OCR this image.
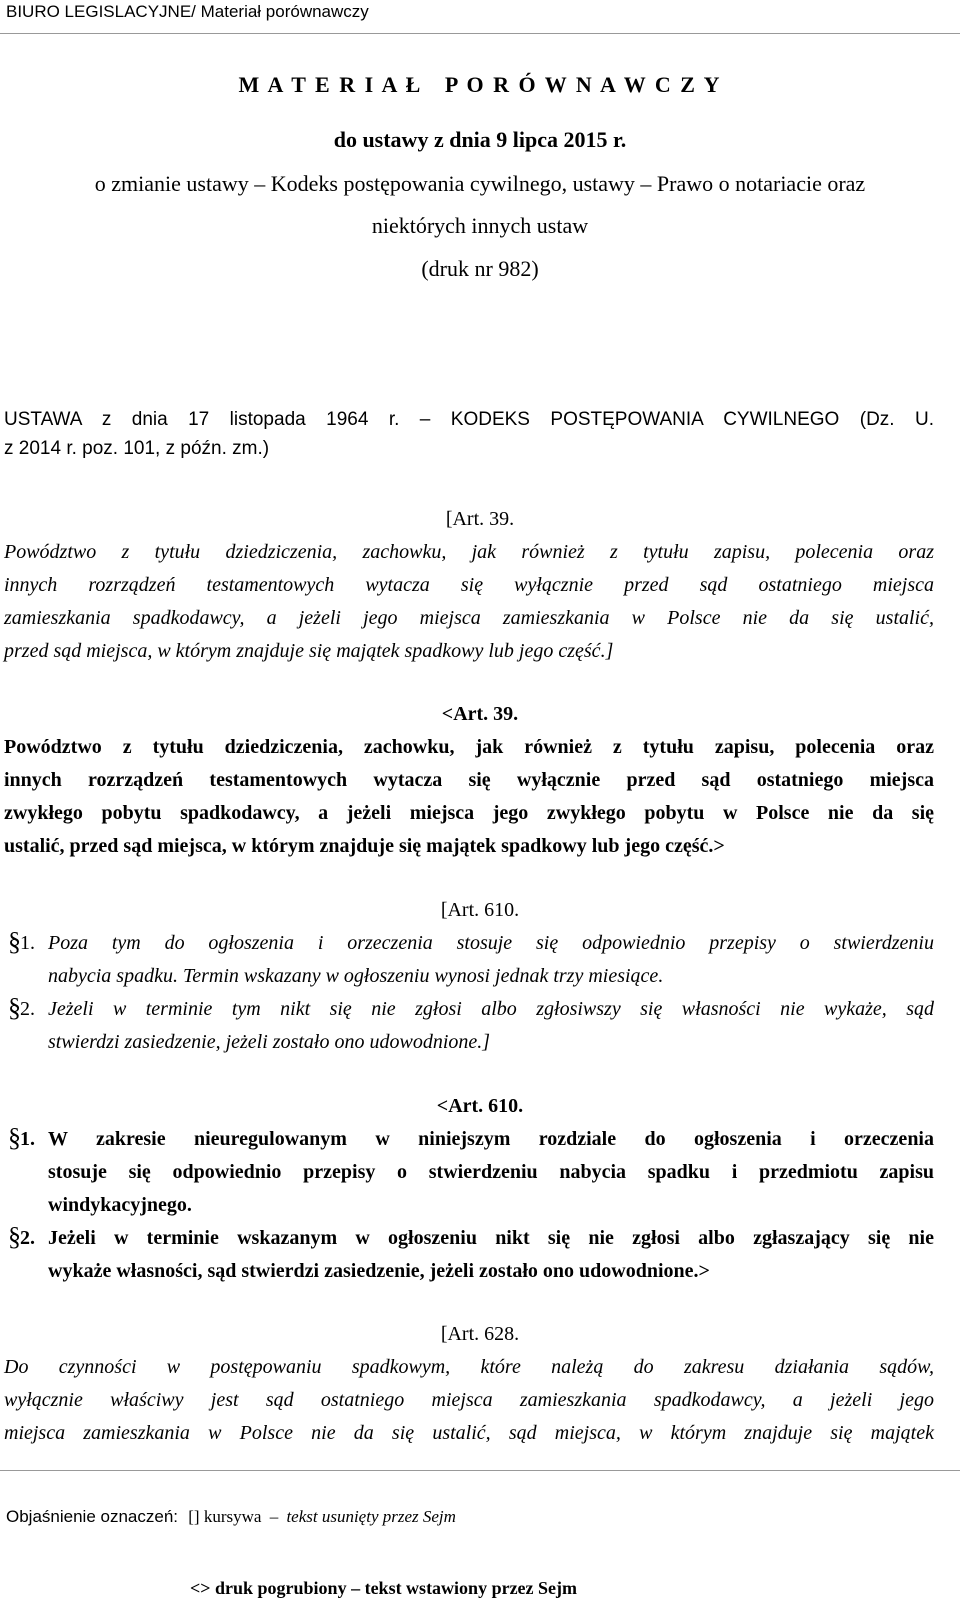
BIURO LEGISLACYJNE/ Materiał porównawczy
M A T E R I A Ł   P O R Ó W N A W C Z Y
do ustawy z dnia 9 lipca 2015 r.
o zmianie ustawy – Kodeks postępowania cywilnego, ustawy – Prawo o notariacie oraz
niektórych innych ustaw
(druk nr 982)
USTAWA z dnia 17 listopada 1964 r. – KODEKS POSTĘPOWANIA CYWILNEGO (Dz. U.
z 2014 r. poz. 101, z późn. zm.)
[Art. 39.
Powództwo z tytułu dziedziczenia, zachowku, jak również z tytułu zapisu, polecenia oraz
innych rozrządzeń testamentowych wytacza się wyłącznie przed sąd ostatniego miejsca
zamieszkania spadkodawcy, a jeżeli jego miejsca zamieszkania w Polsce nie da się ustalić,
przed sąd miejsca, w którym znajduje się majątek spadkowy lub jego część.]
<Art. 39.
Powództwo z tytułu dziedziczenia, zachowku, jak również z tytułu zapisu, polecenia oraz
innych rozrządzeń testamentowych wytacza się wyłącznie przed sąd ostatniego miejsca
zwykłego pobytu spadkodawcy, a jeżeli miejsca jego zwykłego pobytu w Polsce nie da się
ustalić, przed sąd miejsca, w którym znajduje się majątek spadkowy lub jego część.>
[Art. 610.
§ 1. Poza tym do ogłoszenia i orzeczenia stosuje się odpowiednio przepisy o stwierdzeniu
nabycia spadku. Termin wskazany w ogłoszeniu wynosi jednak trzy miesiące.
§ 2. Jeżeli w terminie tym nikt się nie zgłosi albo zgłosiwszy się własności nie wykaże, sąd
stwierdzi zasiedzenie, jeżeli zostało ono udowodnione.]
<Art. 610.
§ 1. W zakresie nieuregulowanym w niniejszym rozdziale do ogłoszenia i orzeczenia
stosuje się odpowiednio przepisy o stwierdzeniu nabycia spadku i przedmiotu zapisu
windykacyjnego.
§ 2. Jeżeli w terminie wskazanym w ogłoszeniu nikt się nie zgłosi albo zgłaszający się nie
wykaże własności, sąd stwierdzi zasiedzenie, jeżeli zostało ono udowodnione.>
[Art. 628.
Do czynności w postępowaniu spadkowym, które należą do zakresu działania sądów,
wyłącznie właściwy jest sąd ostatniego miejsca zamieszkania spadkodawcy, a jeżeli jego
miejsca zamieszkania w Polsce nie da się ustalić, sąd miejsca, w którym znajduje się majątek
Objaśnienie oznaczeń: [] kursywa – tekst usunięty przez Sejm
<> druk pogrubiony – tekst wstawiony przez Sejm
